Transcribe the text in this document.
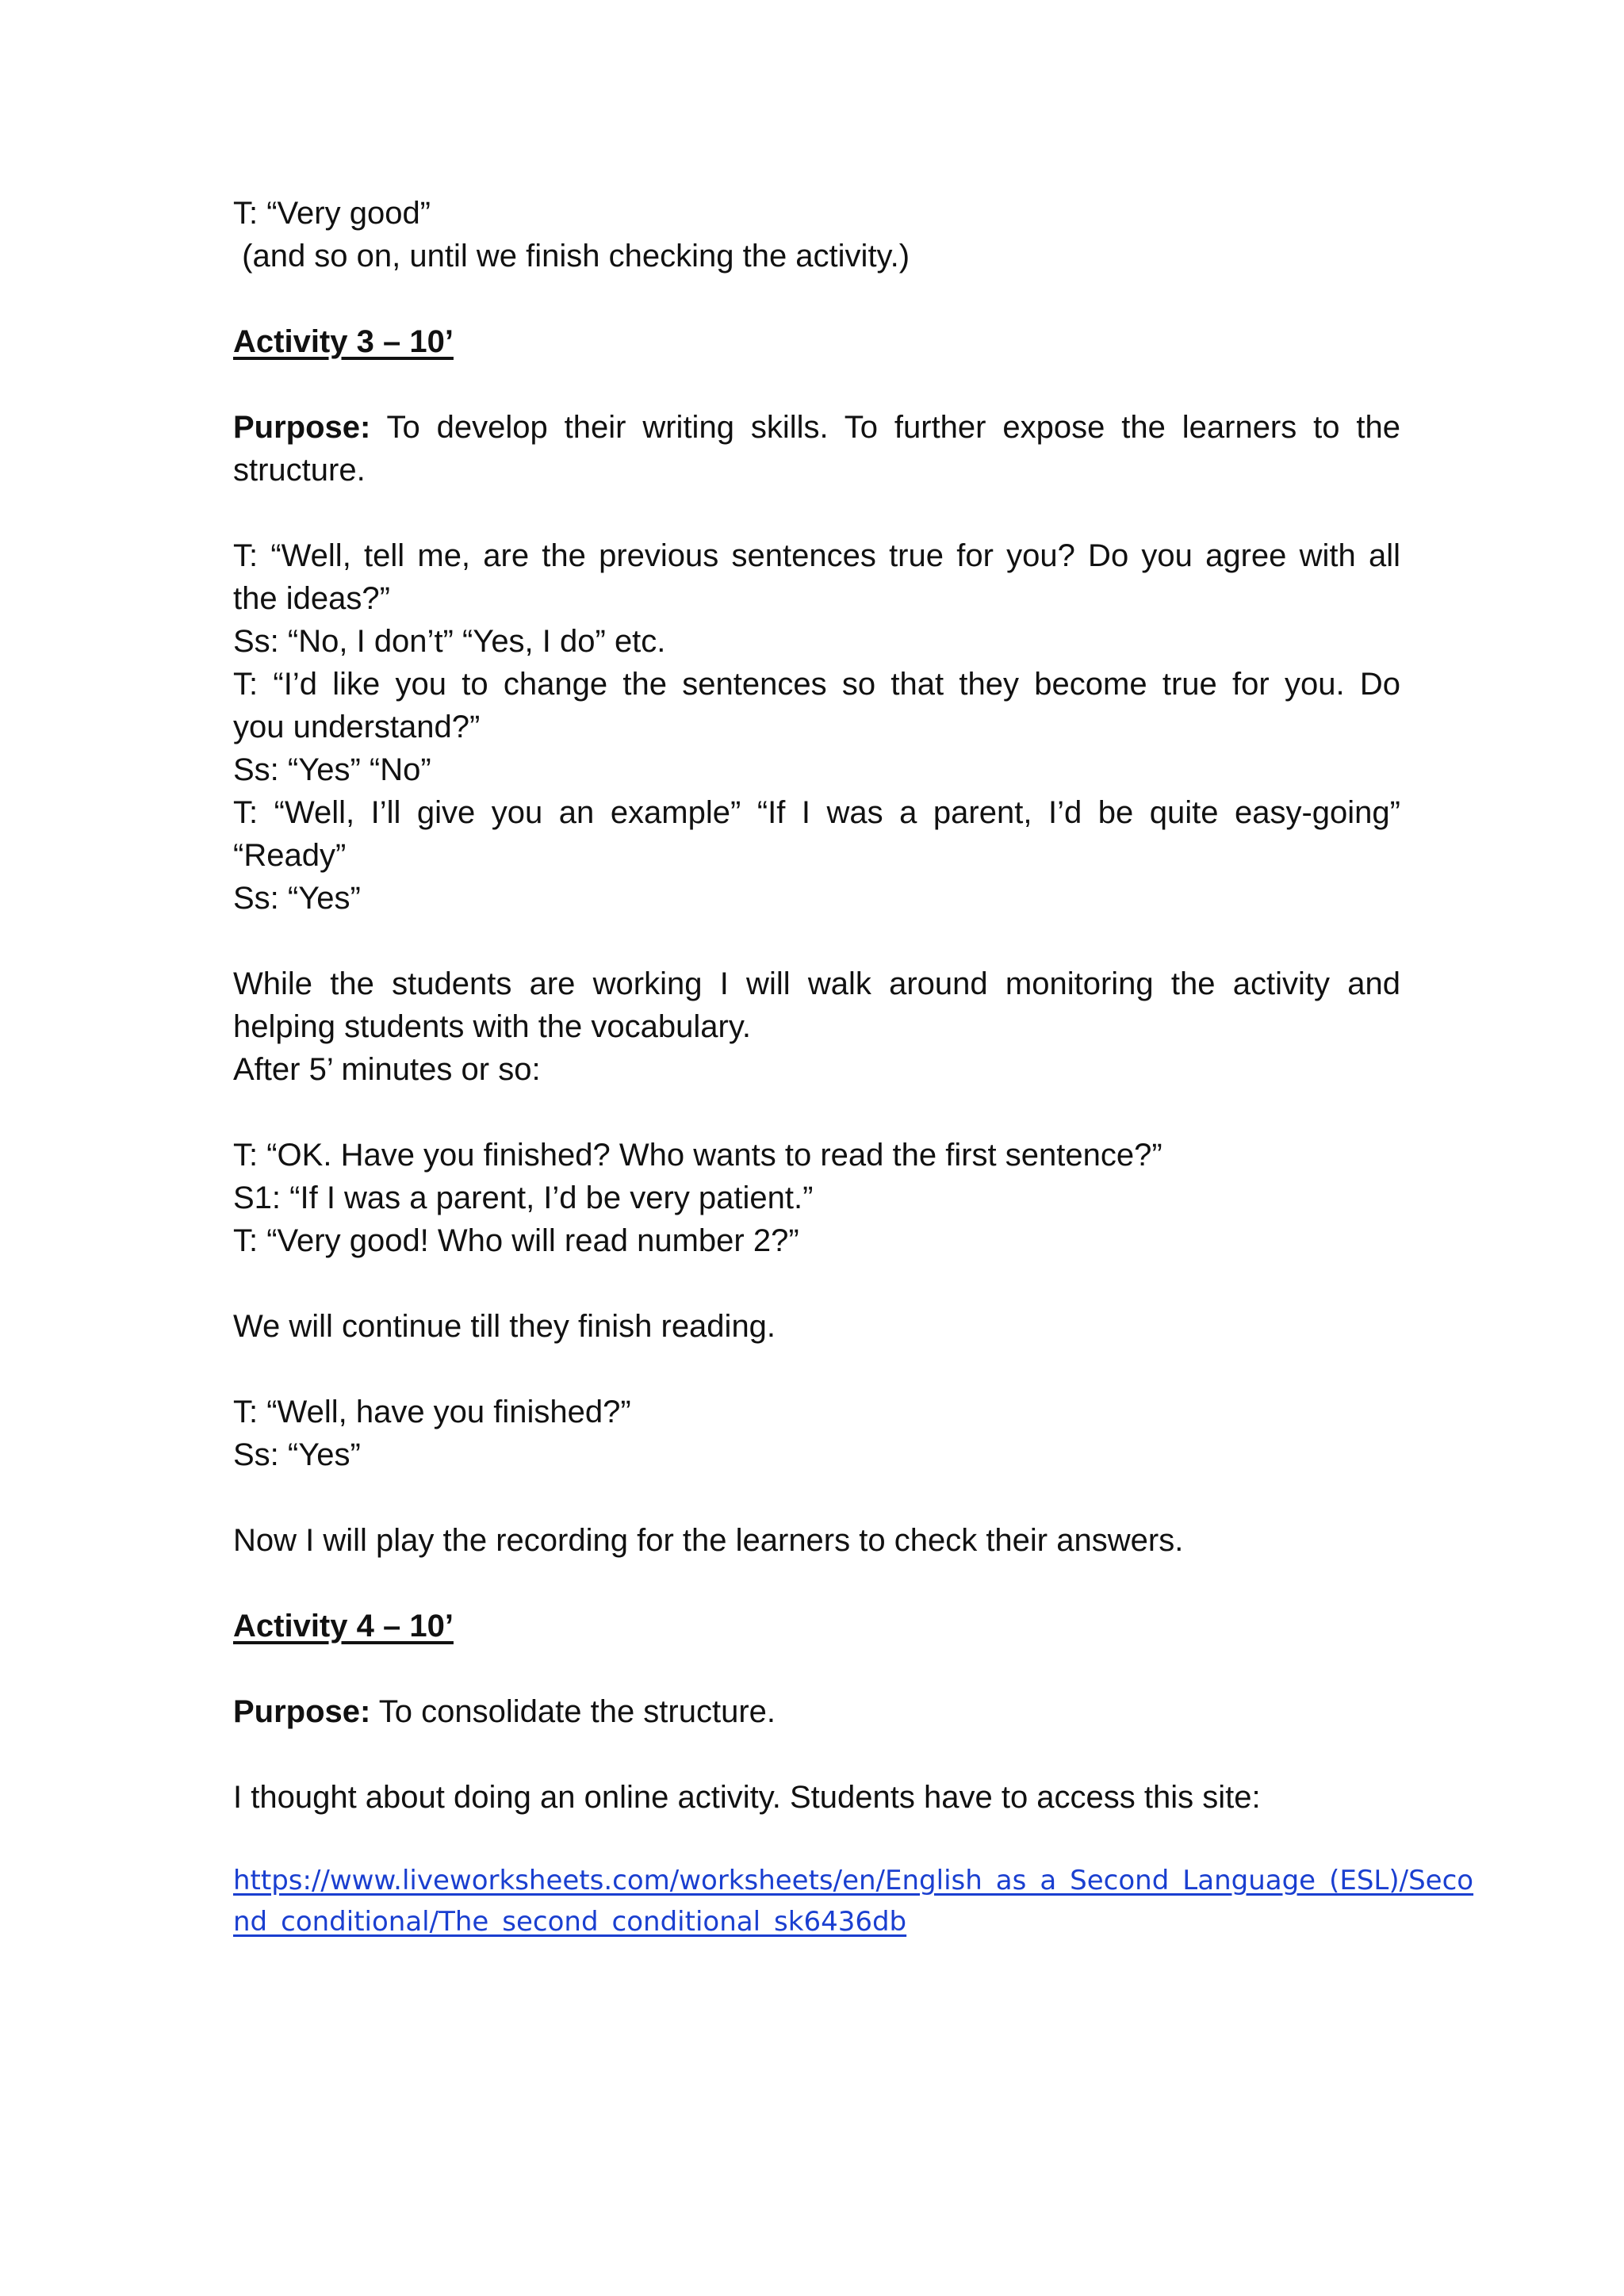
T: “Very good”
(and so on, until we finish checking the activity.)
Activity 3 – 10’
Purpose: To develop their writing skills. To further expose the learners to the
structure.
T: “Well, tell me, are the previous sentences true for you? Do you agree with all
the ideas?”
Ss: “No, I don’t” “Yes, I do” etc.
T: “I’d like you to change the sentences so that they become true for you. Do
you understand?”
Ss: “Yes” “No”
T: “Well, I’ll give you an example” “If I was a parent, I’d be quite easy-going”
“Ready”
Ss: “Yes”
While the students are working I will walk around monitoring the activity and
helping students with the vocabulary.
After 5’ minutes or so:
T: “OK. Have you finished? Who wants to read the first sentence?”
S1: “If I was a parent, I’d be very patient.”
T: “Very good! Who will read number 2?”
We will continue till they finish reading.
T: “Well, have you finished?”
Ss: “Yes”
Now I will play the recording for the learners to check their answers.
Activity 4 – 10’
Purpose: To consolidate the structure.
I thought about doing an online activity. Students have to access this site:
https://www.liveworksheets.com/worksheets/en/English_as_a_Second_Language_(ESL)/Seco
nd_conditional/The_second_conditional_sk6436db
